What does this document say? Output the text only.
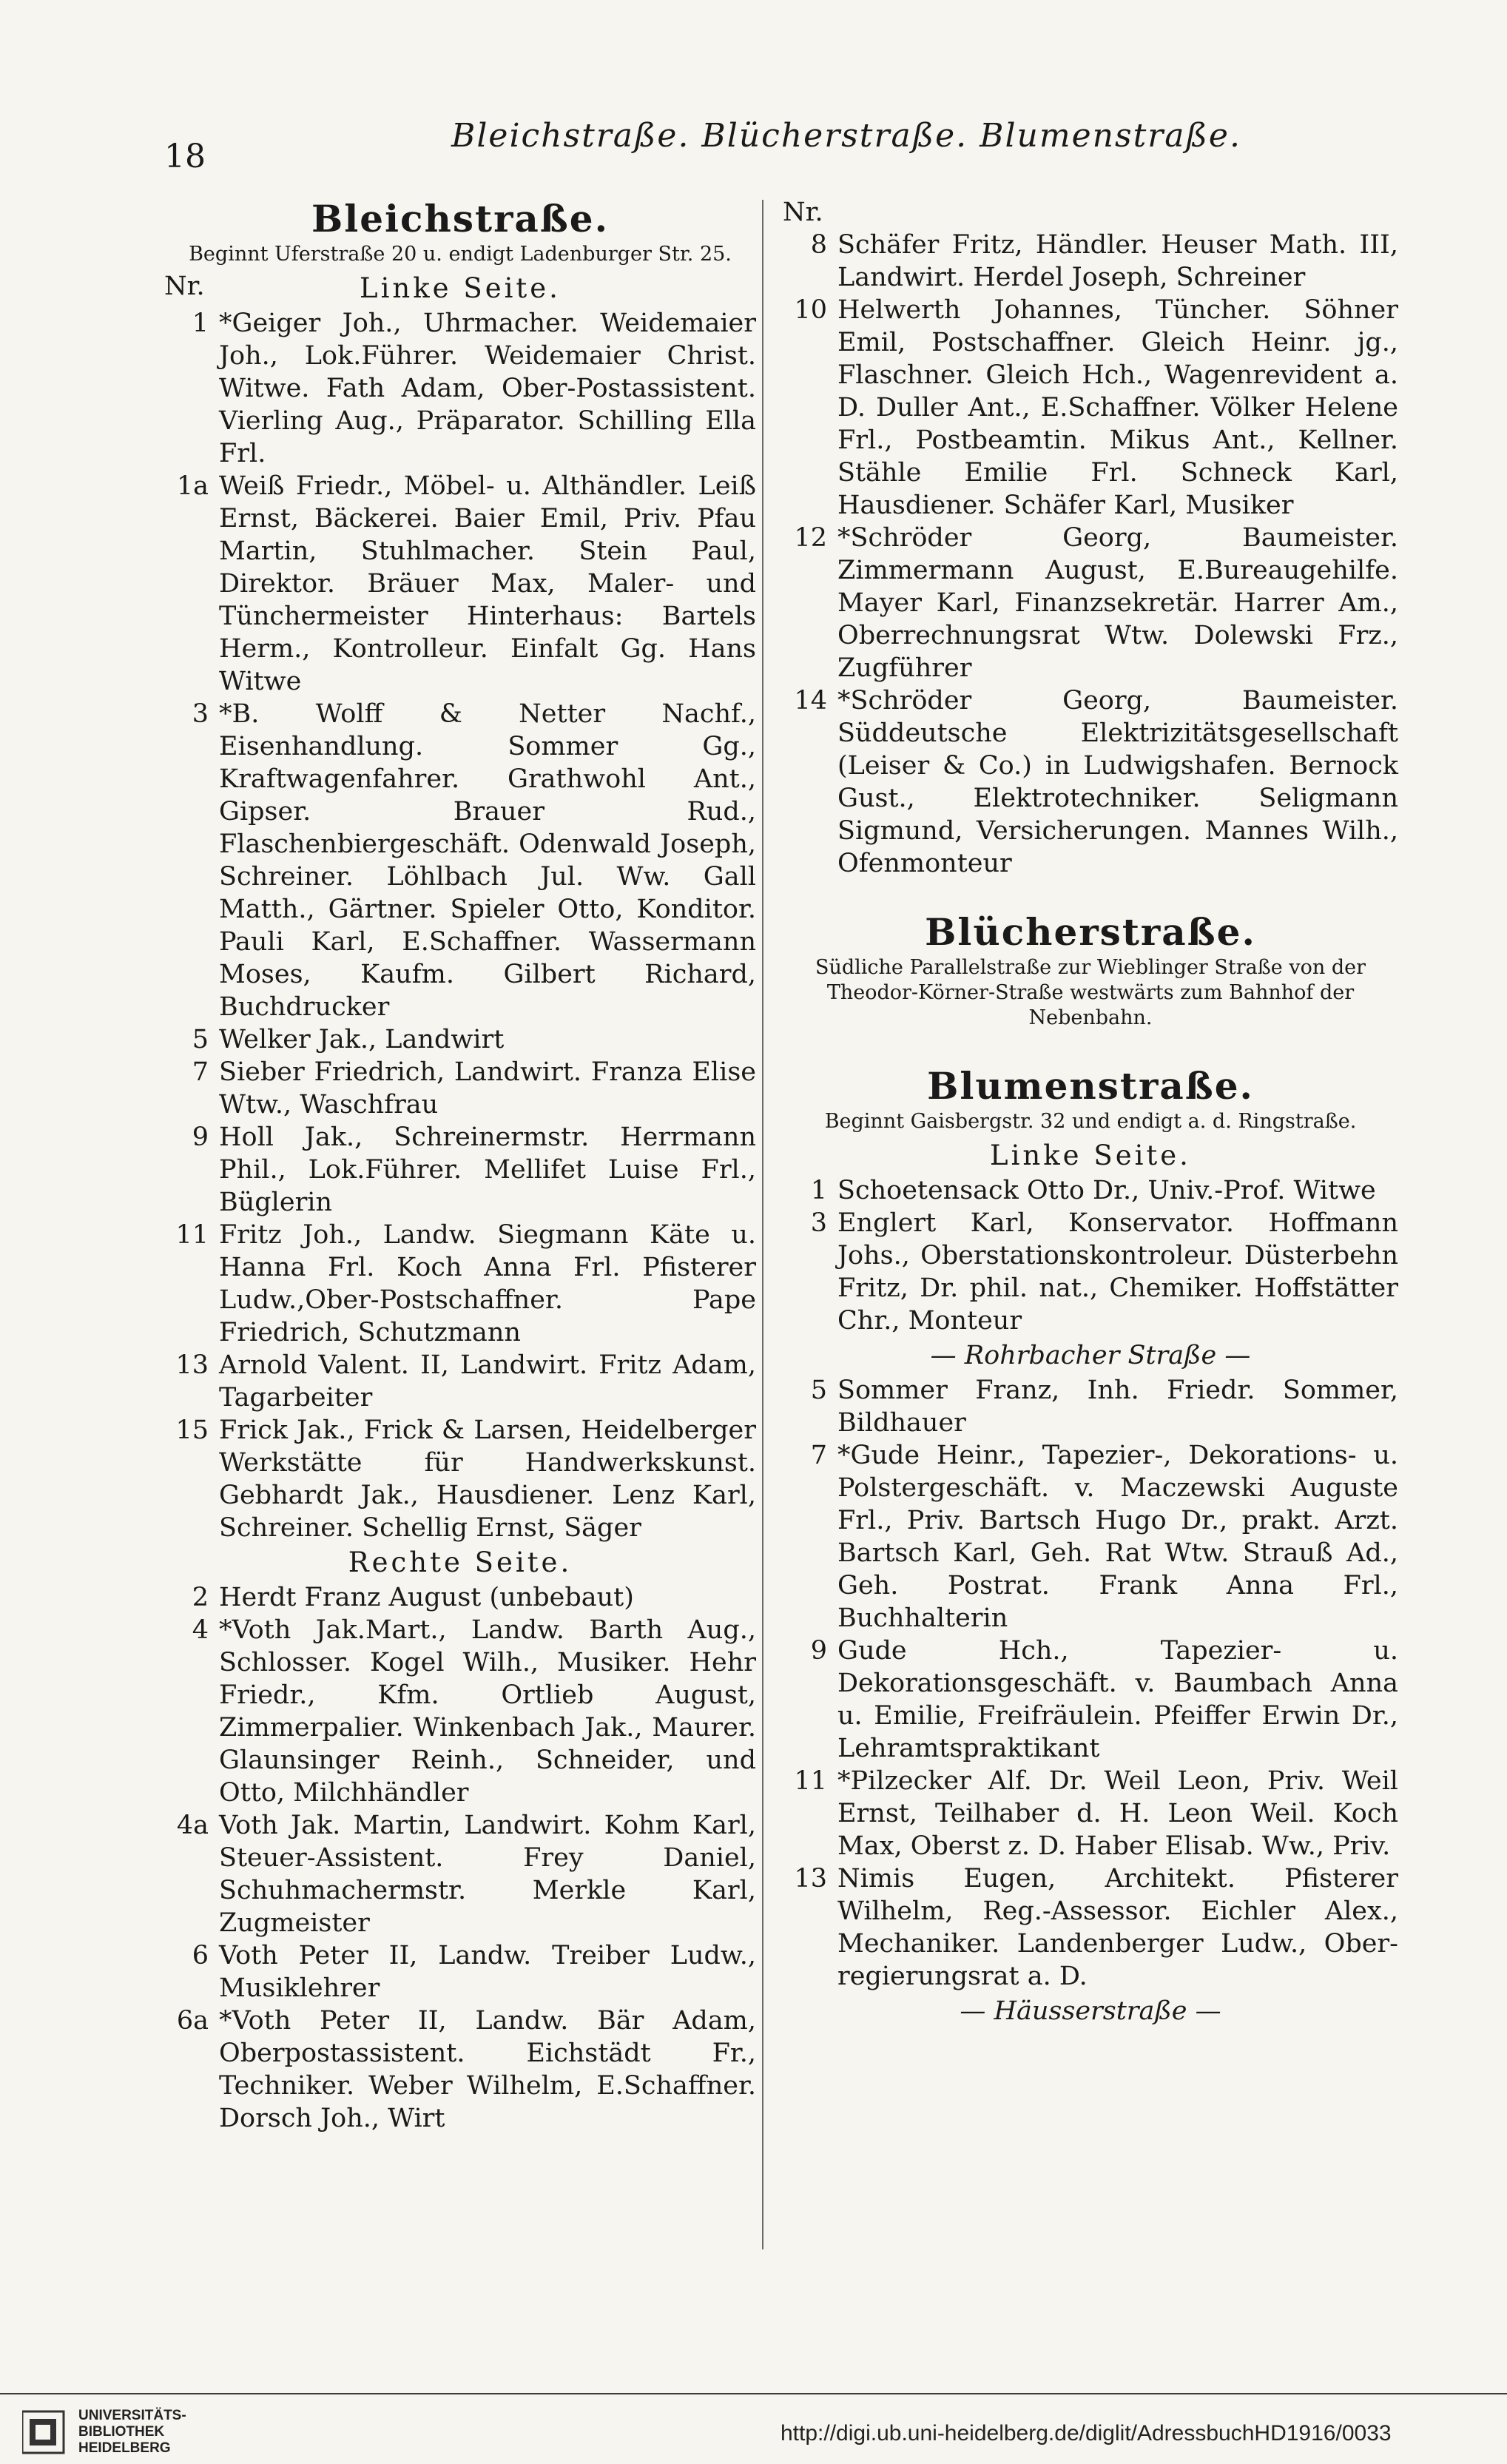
18
Bleichstraße. Blücherstraße. Blumenstraße.
Bleichstraße.
Beginnt Uferstraße 20 u. endigt Ladenburger Str. 25.
Nr.	Linke Seite.
1 *Geiger Joh., Uhrmacher. Weidemaier Joh., Lok.Führer. Weidemaier Christ. Witwe. Fath Adam, Ober-Postassistent. Vierling Aug., Präparator. Schilling Ella Frl.
1a Weiß Friedr., Möbel- u. Althändler. Leiß Ernst, Bäckerei. Baier Emil, Priv. Pfau Martin, Stuhlmacher. Stein Paul, Direktor. Bräuer Max, Maler- und Tünchermeister Hinterhaus: Bartels Herm., Kontrolleur. Einfalt Gg. Hans Witwe
3 *B. Wolff & Netter Nachf., Eisenhandlung. Sommer Gg., Kraftwagenfahrer. Grathwohl Ant., Gipser. Brauer Rud., Flaschenbiergeschäft. Odenwald Joseph, Schreiner. Löhlbach Jul. Ww. Gall Matth., Gärtner. Spieler Otto, Konditor. Pauli Karl, E.Schaffner. Wassermann Moses, Kaufm. Gilbert Richard, Buchdrucker
5 Welker Jak., Landwirt
7 Sieber Friedrich, Landwirt. Franza Elise Wtw., Waschfrau
9 Holl Jak., Schreinermstr. Herrmann Phil., Lok.Führer. Mellifet Luise Frl., Büglerin
11 Fritz Joh., Landw. Siegmann Käte u. Hanna Frl. Koch Anna Frl. Pfisterer Ludw.,Ober-Postschaffner. Pape Friedrich, Schutzmann
13 Arnold Valent. II, Landwirt. Fritz Adam, Tagarbeiter
15 Frick Jak., Frick & Larsen, Heidelberger Werkstätte für Handwerkskunst. Gebhardt Jak., Hausdiener. Lenz Karl, Schreiner. Schellig Ernst, Säger
Rechte Seite.
2 Herdt Franz August (unbebaut)
4 *Voth Jak.Mart., Landw. Barth Aug., Schlosser. Kogel Wilh., Musiker. Hehr Friedr., Kfm. Ortlieb August, Zimmerpalier. Winkenbach Jak., Maurer. Glaunsinger Reinh., Schneider, und Otto, Milchhändler
4a Voth Jak. Martin, Landwirt. Kohm Karl, Steuer-Assistent. Frey Daniel, Schuhmachermstr. Merkle Karl, Zugmeister
6 Voth Peter II, Landw. Treiber Ludw., Musiklehrer
6a *Voth Peter II, Landw. Bär Adam, Oberpostassistent. Eichstädt Fr., Techniker. Weber Wilhelm, E.Schaffner. Dorsch Joh., Wirt
Nr.
8 Schäfer Fritz, Händler. Heuser Math. III, Landwirt. Herdel Joseph, Schreiner
10 Helwerth Johannes, Tüncher. Söhner Emil, Postschaffner. Gleich Heinr. jg., Flaschner. Gleich Hch., Wagenrevident a. D. Duller Ant., E.Schaffner. Völker Helene Frl., Postbeamtin. Mikus Ant., Kellner. Stähle Emilie Frl. Schneck Karl, Hausdiener. Schäfer Karl, Musiker
12 *Schröder Georg, Baumeister. Zimmermann August, E.Bureaugehilfe. Mayer Karl, Finanzsekretär. Harrer Am., Oberrechnungsrat Wtw. Dolewski Frz., Zugführer
14 *Schröder Georg, Baumeister. Süddeutsche Elektrizitätsgesellschaft (Leiser & Co.) in Ludwigshafen. Bernock Gust., Elektrotechniker. Seligmann Sigmund, Versicherungen. Mannes Wilh., Ofenmonteur
Blücherstraße.
Südliche Parallelstraße zur Wieblinger Straße von der Theodor-Körner-Straße westwärts zum Bahnhof der Nebenbahn.
Blumenstraße.
Beginnt Gaisbergstr. 32 und endigt a. d. Ringstraße.
Linke Seite.
1 Schoetensack Otto Dr., Univ.-Prof. Witwe
3 Englert Karl, Konservator. Hoffmann Johs., Oberstationskontroleur. Düsterbehn Fritz, Dr. phil. nat., Chemiker. Hoffstätter Chr., Monteur
— Rohrbacher Straße —
5 Sommer Franz, Inh. Friedr. Sommer, Bildhauer
7 *Gude Heinr., Tapezier-, Dekorations- u. Polstergeschäft. v. Maczewski Auguste Frl., Priv. Bartsch Hugo Dr., prakt. Arzt. Bartsch Karl, Geh. Rat Wtw. Strauß Ad., Geh. Postrat. Frank Anna Frl., Buchhalterin
9 Gude Hch., Tapezier- u. Dekorationsgeschäft. v. Baumbach Anna u. Emilie, Freifräulein. Pfeiffer Erwin Dr., Lehramtspraktikant
11 *Pilzecker Alf. Dr. Weil Leon, Priv. Weil Ernst, Teilhaber d. H. Leon Weil. Koch Max, Oberst z. D. Haber Elisab. Ww., Priv.
13 Nimis Eugen, Architekt. Pfisterer Wilhelm, Reg.-Assessor. Eichler Alex., Mechaniker. Landenberger Ludw., Ober-regierungsrat a. D.
— Häusserstraße —
UNIVERSITÄTS-
BIBLIOTHEK
HEIDELBERG
http://digi.ub.uni-heidelberg.de/diglit/AdressbuchHD1916/0033
